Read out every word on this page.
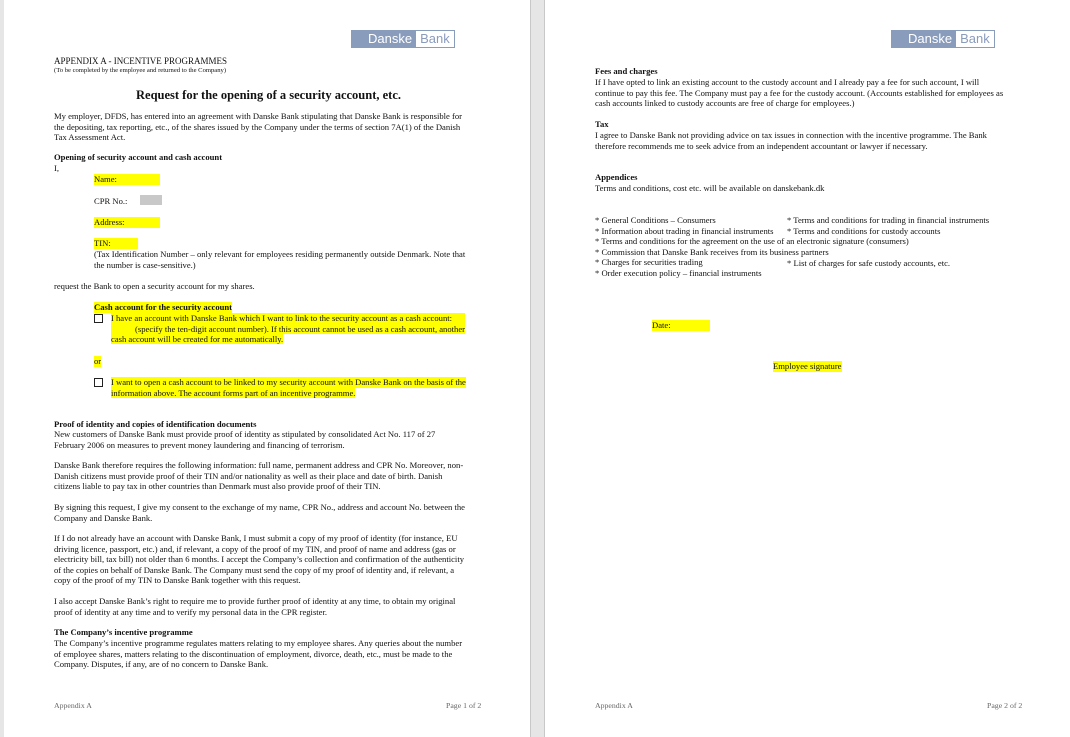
Danske Bank
APPENDIX A - INCENTIVE PROGRAMMES
(To be completed by the employee and returned to the Company)
Request for the opening of a security account, etc.
My employer, DFDS, has entered into an agreement with Danske Bank stipulating that Danske Bank is responsible for
the depositing, tax reporting, etc., of the shares issued by the Company under the terms of section 7A(1) of the Danish
Tax Assessment Act.
Opening of security account and cash account
I,
Name:
CPR No.:
Address:
TIN:
(Tax Identification Number – only relevant for employees residing permanently outside Denmark. Note that
the number is case-sensitive.)
request the Bank to open a security account for my shares.
Cash account for the security account
I have an account with Danske Bank which I want to link to the security account as a cash account:
(specify the ten-digit account number). If this account cannot be used as a cash account, another
cash account will be created for me automatically.
or
I want to open a cash account to be linked to my security account with Danske Bank on the basis of the
information above. The account forms part of an incentive programme.
Proof of identity and copies of identification documents
New customers of Danske Bank must provide proof of identity as stipulated by consolidated Act No. 117 of 27
February 2006 on measures to prevent money laundering and financing of terrorism.
Danske Bank therefore requires the following information: full name, permanent address and CPR No. Moreover, non-
Danish citizens must provide proof of their TIN and/or nationality as well as their place and date of birth. Danish
citizens liable to pay tax in other countries than Denmark must also provide proof of their TIN.
By signing this request, I give my consent to the exchange of my name, CPR No., address and account No. between the
Company and Danske Bank.
If I do not already have an account with Danske Bank, I must submit a copy of my proof of identity (for instance, EU
driving licence, passport, etc.) and, if relevant, a copy of the proof of my TIN, and proof of name and address (gas or
electricity bill, tax bill) not older than 6 months. I accept the Company’s collection and confirmation of the authenticity
of the copies on behalf of Danske Bank. The Company must send the copy of my proof of identity and, if relevant, a
copy of the proof of my TIN to Danske Bank together with this request.
I also accept Danske Bank’s right to require me to provide further proof of identity at any time, to obtain my original
proof of identity at any time and to verify my personal data in the CPR register.
The Company’s incentive programme
The Company’s incentive programme regulates matters relating to my employee shares. Any queries about the number
of employee shares, matters relating to the discontinuation of employment, divorce, death, etc., must be made to the
Company. Disputes, if any, are of no concern to Danske Bank.
Appendix A	Page 1 of 2
Danske Bank
Fees and charges
If I have opted to link an existing account to the custody account and I already pay a fee for such account, I will
continue to pay this fee. The Company must pay a fee for the custody account. (Accounts established for employees as
cash accounts linked to custody accounts are free of charge for employees.)
Tax
I agree to Danske Bank not providing advice on tax issues in connection with the incentive programme. The Bank
therefore recommends me to seek advice from an independent accountant or lawyer if necessary.
Appendices
Terms and conditions, cost etc. will be available on danskebank.dk
* General Conditions – Consumers
* Information about trading in financial instruments
* Terms and conditions for the agreement on the use of an electronic signature (consumers)
* Commission that Danske Bank receives from its business partners
* Charges for securities trading
* Order execution policy – financial instruments
* Terms and conditions for trading in financial instruments
* Terms and conditions for custody accounts
* List of charges for safe custody accounts, etc.
Date:
Employee signature
Appendix A	Page 2 of 2
